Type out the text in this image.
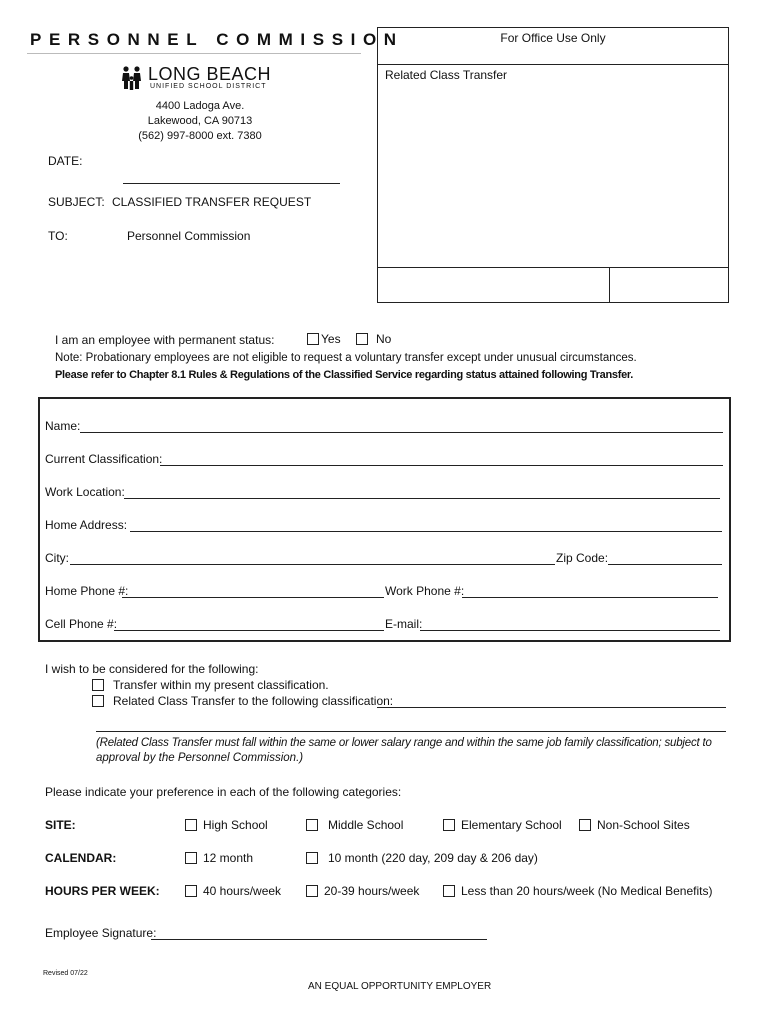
PERSONNEL COMMISSION
LONG BEACH
UNIFIED SCHOOL DISTRICT
4400 Ladoga Ave.
Lakewood, CA 90713
(562) 997-8000 ext. 7380
For Office Use Only
Related Class Transfer
DATE:
SUBJECT: CLASSIFIED TRANSFER REQUEST
TO:	Personnel Commission
I am an employee with permanent status:	Yes	No
Note: Probationary employees are not eligible to request a voluntary transfer except under unusual circumstances.
Please refer to Chapter 8.1 Rules & Regulations of the Classified Service regarding status attained following Transfer.
Name:
Current Classification:
Work Location:
Home Address:
City:	Zip Code:
Home Phone #:	Work Phone #:
Cell Phone #:	E-mail:
I wish to be considered for the following:
Transfer within my present classification.
Related Class Transfer to the following classification:
(Related Class Transfer must fall within the same or lower salary range and within the same job family classification; subject to
approval by the Personnel Commission.)
Please indicate your preference in each of the following categories:
SITE:	High School	Middle School	Elementary School	Non-School Sites
CALENDAR:	12 month	10 month (220 day, 209 day & 206 day)
HOURS PER WEEK:	40 hours/week	20-39 hours/week	Less than 20 hours/week (No Medical Benefits)
Employee Signature:
Revised 07/22
AN EQUAL OPPORTUNITY EMPLOYER
